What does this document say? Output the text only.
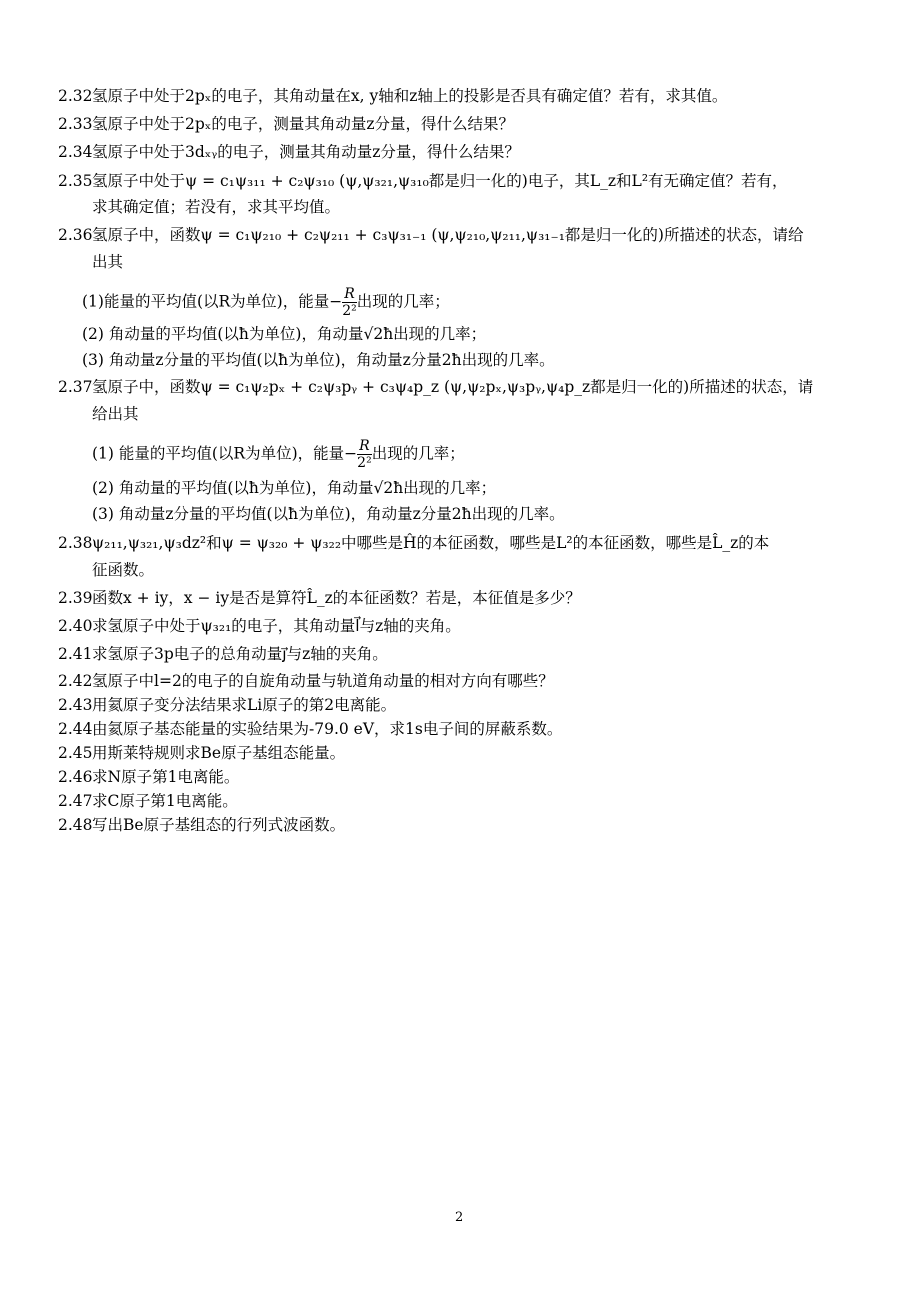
2.32氢原子中处于2pₓ的电子，其角动量在x, y轴和z轴上的投影是否具有确定值？若有，求其值。
2.33氢原子中处于2pₓ的电子，测量其角动量z分量，得什么结果？
2.34氢原子中处于3dₓᵧ的电子，测量其角动量z分量，得什么结果？
2.35氢原子中处于ψ = c₁ψ₃₁₁ + c₂ψ₃₁₀ (ψ,ψ₃₂₁,ψ₃₁₀都是归一化的)电子，其L_z和L²有无确定值？若有，
求其确定值；若没有，求其平均值。
2.36氢原子中，函数ψ = c₁ψ₂₁₀ + c₂ψ₂₁₁ + c₃ψ₃₁₋₁ (ψ,ψ₂₁₀,ψ₂₁₁,ψ₃₁₋₁都是归一化的)所描述的状态，请给
出其
(1)能量的平均值(以R为单位)，能量− $\frac{R}{\text{2²}}$ 出现的几率；
(2) 角动量的平均值(以ħ为单位)，角动量√2ħ出现的几率；
(3) 角动量z分量的平均值(以ħ为单位)，角动量z分量2ħ出现的几率。
2.37氢原子中，函数ψ = c₁ψ₂pₓ + c₂ψ₃pᵧ + c₃ψ₄p_z (ψ,ψ₂pₓ,ψ₃pᵧ,ψ₄p_z都是归一化的)所描述的状态，请
给出其
(1) 能量的平均值(以R为单位)，能量− $\frac{R}{\text{2²}}$ 出现的几率；
(2) 角动量的平均值(以ħ为单位)，角动量√2ħ出现的几率；
(3) 角动量z分量的平均值(以ħ为单位)，角动量z分量2ħ出现的几率。
2.38ψ₂₁₁,ψ₃₂₁,ψ₃dz²和ψ = ψ₃₂₀ + ψ₃₂₂中哪些是Ĥ的本征函数，哪些是L²的本征函数，哪些是L̂_z的本
征函数。
2.39函数x + iy，x − iy是否是算符L̂_z的本征函数？若是，本征值是多少？
2.40求氢原子中处于ψ₃₂₁的电子，其角动量l⃗与z轴的夹角。
2.41求氢原子3p电子的总角动量j⃗与z轴的夹角。
2.42氢原子中l=2的电子的自旋角动量与轨道角动量的相对方向有哪些？
2.43用氦原子变分法结果求Li原子的第2电离能。
2.44由氦原子基态能量的实验结果为-79.0 eV，求1s电子间的屏蔽系数。
2.45用斯莱特规则求Be原子基组态能量。
2.46求N原子第1电离能。
2.47求C原子第1电离能。
2.48写出Be原子基组态的行列式波函数。
2
